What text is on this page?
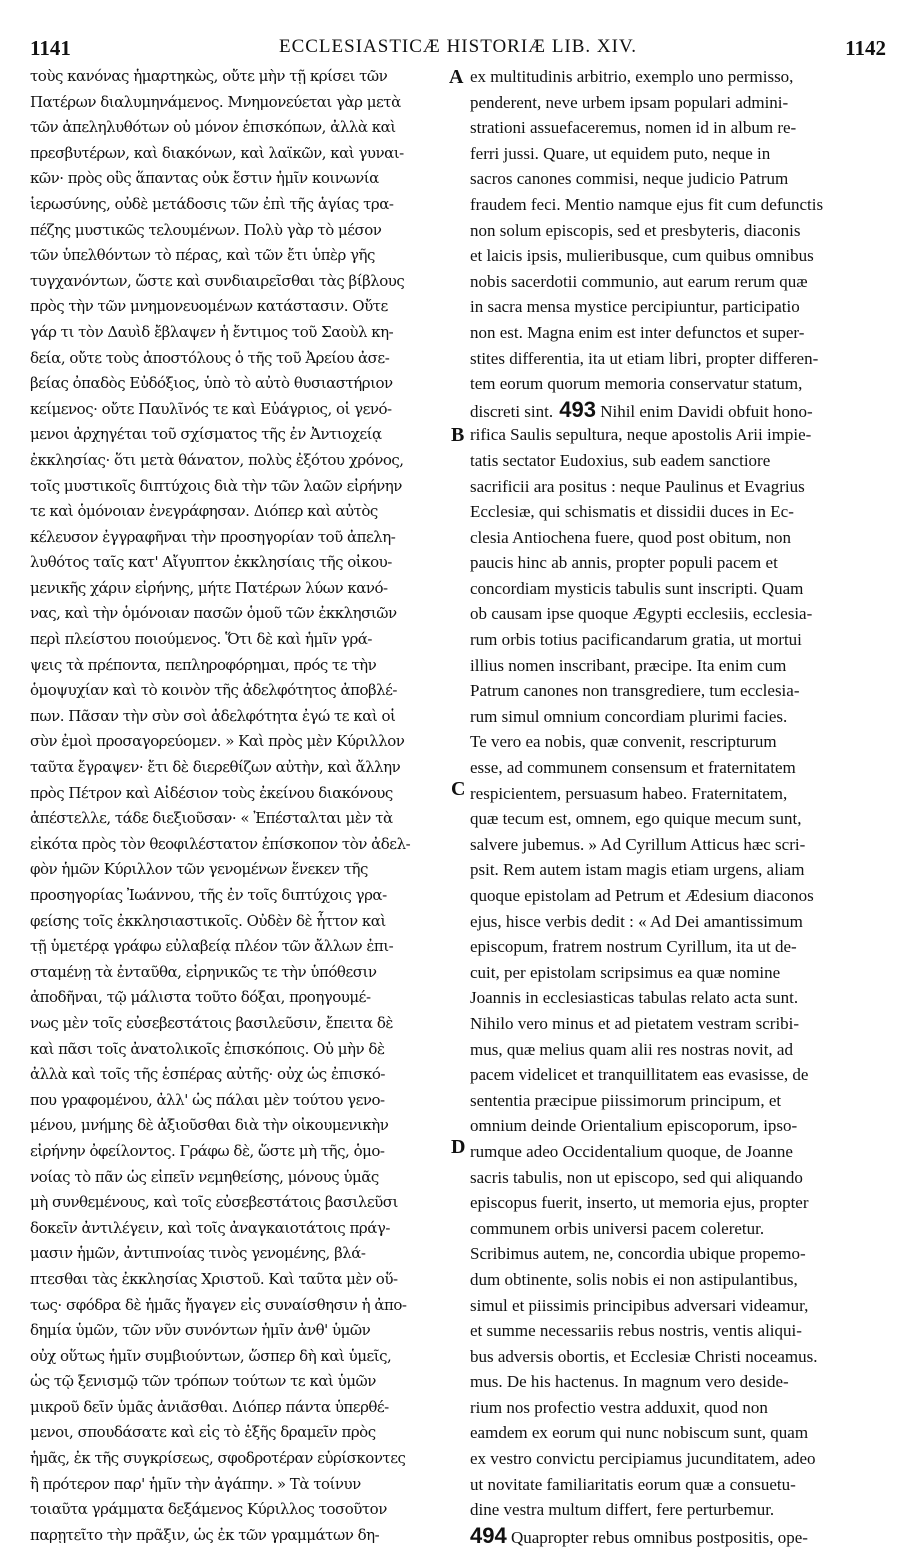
1141	ECCLESIASTICÆ HISTORIÆ LIB. XIV.	1142
τοὺς κανόνας ἡμαρτηκὼς, οὔτε μὴν τῇ κρίσει τῶν
Πατέρων διαλυμηνάμενος. Μνημονεύεται γὰρ μετὰ
τῶν ἀπεληλυθότων οὐ μόνον ἐπισκόπων, ἀλλὰ καὶ
πρεσβυτέρων, καὶ διακόνων, καὶ λαϊκῶν, καὶ γυναι-
κῶν· πρὸς οὓς ἅπαντας οὐκ ἔστιν ἡμῖν κοινωνία
ἱερωσύνης, οὐδὲ μετάδοσις τῶν ἐπὶ τῆς ἁγίας τρα-
πέζης μυστικῶς τελουμένων. Πολὺ γὰρ τὸ μέσον
τῶν ὑπελθόντων τὸ πέρας, καὶ τῶν ἔτι ὑπὲρ γῆς
τυγχανόντων, ὥστε καὶ συνδιαιρεῖσθαι τὰς βίβλους
πρὸς τὴν τῶν μνημονευομένων κατάστασιν. Οὔτε
γάρ τι τὸν Δαυὶδ ἔβλαψεν ἡ ἔντιμος τοῦ Σαοὺλ κη-
δεία, οὔτε τοὺς ἀποστόλους ὁ τῆς τοῦ Ἀρείου ἀσε-
βείας ὀπαδὸς Εὐδόξιος, ὑπὸ τὸ αὐτὸ θυσιαστήριον
κείμενος· οὔτε Παυλῖνός τε καὶ Εὐάγριος, οἱ γενό-
μενοι ἀρχηγέται τοῦ σχίσματος τῆς ἐν Ἀντιοχείᾳ
ἐκκλησίας· ὅτι μετὰ θάνατον, πολὺς ἐξότου χρόνος,
τοῖς μυστικοῖς διπτύχοις διὰ τὴν τῶν λαῶν εἰρήνην
τε καὶ ὁμόνοιαν ἐνεγράφησαν. Διόπερ καὶ αὐτὸς
κέλευσον ἐγγραφῆναι τὴν προσηγορίαν τοῦ ἀπελη-
λυθότος ταῖς κατ' Αἴγυπτον ἐκκλησίαις τῆς οἰκου-
μενικῆς χάριν εἰρήνης, μήτε Πατέρων λύων κανό-
νας, καὶ τὴν ὁμόνοιαν πασῶν ὁμοῦ τῶν ἐκκλησιῶν
περὶ πλείστου ποιούμενος. Ὅτι δὲ καὶ ἡμῖν γρά-
ψεις τὰ πρέποντα, πεπληροφόρημαι, πρός τε τὴν
ὁμοψυχίαν καὶ τὸ κοινὸν τῆς ἀδελφότητος ἀποβλέ-
πων. Πᾶσαν τὴν σὺν σοὶ ἀδελφότητα ἐγώ τε καὶ οἱ
σὺν ἐμοὶ προσαγορεύομεν. » Καὶ πρὸς μὲν Κύριλλον
ταῦτα ἔγραψεν· ἔτι δὲ διερεθίζων αὐτὴν, καὶ ἄλλην
πρὸς Πέτρον καὶ Αἰδέσιον τοὺς ἐκείνου διακόνους
ἀπέστελλε, τάδε διεξιοῦσαν· « Ἐπέσταλται μὲν τὰ
εἰκότα πρὸς τὸν θεοφιλέστατον ἐπίσκοπον τὸν ἀδελ-
φὸν ἡμῶν Κύριλλον τῶν γενομένων ἕνεκεν τῆς
προσηγορίας Ἰωάννου, τῆς ἐν τοῖς διπτύχοις γρα-
φείσης τοῖς ἐκκλησιαστικοῖς. Οὐδὲν δὲ ἧττον καὶ
τῇ ὑμετέρᾳ γράφω εὐλαβείᾳ πλέον τῶν ἄλλων ἐπι-
σταμένῃ τὰ ἐνταῦθα, εἰρηνικῶς τε τὴν ὑπόθεσιν
ἀποδῆναι, τῷ μάλιστα τοῦτο δόξαι, προηγουμέ-
νως μὲν τοῖς εὐσεβεστάτοις βασιλεῦσιν, ἔπειτα δὲ
καὶ πᾶσι τοῖς ἀνατολικοῖς ἐπισκόποις. Οὐ μὴν δὲ
ἀλλὰ καὶ τοῖς τῆς ἑσπέρας αὐτῆς· οὐχ ὡς ἐπισκό-
που γραφομένου, ἀλλ' ὡς πάλαι μὲν τούτου γενο-
μένου, μνήμης δὲ ἀξιοῦσθαι διὰ τὴν οἰκουμενικὴν
εἰρήνην ὀφείλοντος. Γράφω δὲ, ὥστε μὴ τῆς, ὁμο-
νοίας τὸ πᾶν ὡς εἰπεῖν νεμηθείσης, μόνους ὑμᾶς
μὴ συνθεμένους, καὶ τοῖς εὐσεβεστάτοις βασιλεῦσι
δοκεῖν ἀντιλέγειν, καὶ τοῖς ἀναγκαιοτάτοις πράγ-
μασιν ἡμῶν, ἀντιπνοίας τινὸς γενομένης, βλά-
πτεσθαι τὰς ἐκκλησίας Χριστοῦ. Καὶ ταῦτα μὲν οὕ-
τως· σφόδρα δὲ ἡμᾶς ἤγαγεν εἰς συναίσθησιν ἡ ἀπο-
δημία ὑμῶν, τῶν νῦν συνόντων ἡμῖν ἀνθ' ὑμῶν
οὐχ οὕτως ἡμῖν συμβιούντων, ὥσπερ δὴ καὶ ὑμεῖς,
ὡς τῷ ξενισμῷ τῶν τρόπων τούτων τε καὶ ὑμῶν
μικροῦ δεῖν ὑμᾶς ἀνιᾶσθαι. Διόπερ πάντα ὑπερθέ-
μενοι, σπουδάσατε καὶ εἰς τὸ ἑξῆς δραμεῖν πρὸς
ἡμᾶς, ἐκ τῆς συγκρίσεως, σφοδροτέραν εὑρίσκοντες
ἢ πρότερον παρ' ἡμῖν τὴν ἀγάπην. » Τὰ τοίνυν
τοιαῦτα γράμματα δεξάμενος Κύριλλος τοσοῦτον
παρῃτεῖτο τὴν πρᾶξιν, ὡς ἐκ τῶν γραμμάτων δη-
ex multitudinis arbitrio, exemplo uno permisso,
penderent, neve urbem ipsam populari admini-
strationi assuefaceremus, nomen id in album re-
ferri jussi. Quare, ut equidem puto, neque in
sacros canones commisi, neque judicio Patrum
fraudem feci. Mentio namque ejus fit cum defunctis
non solum episcopis, sed et presbyteris, diaconis
et laicis ipsis, mulieribusque, cum quibus omnibus
nobis sacerdotii communio, aut earum rerum quæ
in sacra mensa mystice percipiuntur, participatio
non est. Magna enim est inter defunctos et super-
stites differentia, ita ut etiam libri, propter differen-
tem eorum quorum memoria conservatur statum,
discreti sint. 493 Nihil enim Davidi obfuit hono-
rifica Saulis sepultura, neque apostolis Arii impie-
tatis sectator Eudoxius, sub eadem sanctiore
sacrificii ara positus : neque Paulinus et Evagrius
Ecclesiæ, qui schismatis et dissidii duces in Ec-
clesia Antiochena fuere, quod post obitum, non
paucis hinc ab annis, propter populi pacem et
concordiam mysticis tabulis sunt inscripti. Quam
ob causam ipse quoque Ægypti ecclesiis, ecclesia-
rum orbis totius pacificandarum gratia, ut mortui
illius nomen inscribant, præcipe. Ita enim cum
Patrum canones non transgrediere, tum ecclesia-
rum simul omnium concordiam plurimi facies.
Te vero ea nobis, quæ convenit, rescripturum
esse, ad communem consensum et fraternitatem
respicientem, persuasum habeo. Fraternitatem,
quæ tecum est, omnem, ego quique mecum sunt,
salvere jubemus. » Ad Cyrillum Atticus hæc scri-
psit. Rem autem istam magis etiam urgens, aliam
quoque epistolam ad Petrum et Ædesium diaconos
ejus, hisce verbis dedit : « Ad Dei amantissimum
episcopum, fratrem nostrum Cyrillum, ita ut de-
cuit, per epistolam scripsimus ea quæ nomine
Joannis in ecclesiasticas tabulas relato acta sunt.
Nihilo vero minus et ad pietatem vestram scribi-
mus, quæ melius quam alii res nostras novit, ad
pacem videlicet et tranquillitatem eas evasisse, de
sententia præcipue piissimorum principum, et
omnium deinde Orientalium episcoporum, ipso-
rumque adeo Occidentalium quoque, de Joanne
sacris tabulis, non ut episcopo, sed qui aliquando
episcopus fuerit, inserto, ut memoria ejus, propter
communem orbis universi pacem coleretur.
Scribimus autem, ne, concordia ubique propemo-
dum obtinente, solis nobis ei non astipulantibus,
simul et piissimis principibus adversari videamur,
et summe necessariis rebus nostris, ventis aliqui-
bus adversis obortis, et Ecclesiæ Christi noceamus.
mus. De his hactenus. In magnum vero deside-
rium nos profectio vestra adduxit, quod non
eamdem ex eorum qui nunc nobiscum sunt, quam
ex vestro convictu percipiamus jucunditatem, adeo
ut novitate familiaritatis eorum quæ a consuetu-
dine vestra multum differt, fere perturbemur.
494 Quapropter rebus omnibus postpositis, ope-
A
B
C
D
